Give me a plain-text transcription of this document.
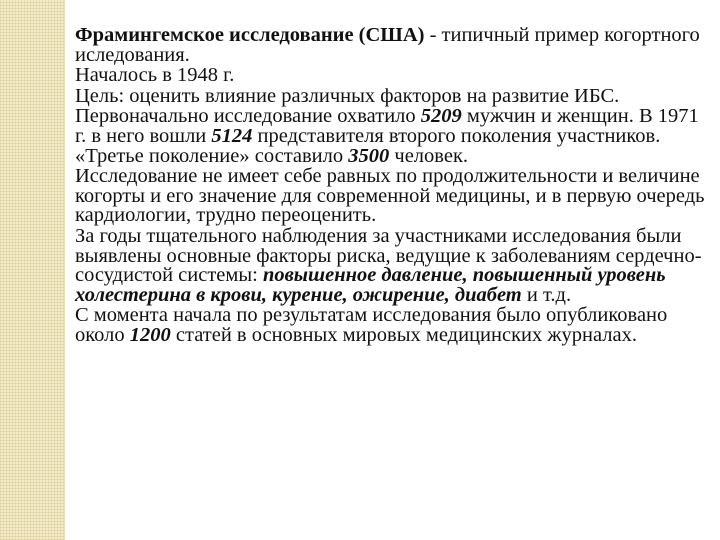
Фрамингемское исследование (США) - типичный пример когортного иследования.

Началось в 1948 г.

Цель: оценить влияние различных факторов на развитие ИБС.

Первоначально исследование охватило 5209 мужчин и женщин. В 1971 г. в него вошли 5124 представителя второго поколения участников. «Третье поколение» составило 3500 человек.

Исследование не имеет себе равных по продолжительности и величине когорты и его значение для современной медицины, и в первую очередь кардиологии, трудно переоценить.

За годы тщательного наблюдения за участниками исследования были выявлены основные факторы риска, ведущие к заболеваниям сердечно-сосудистой системы: повышенное давление, повышенный уровень холестерина в крови, курение, ожирение, диабет и т.д.

С момента начала по результатам исследования было опубликовано около 1200 статей в основных мировых медицинских журналах.
